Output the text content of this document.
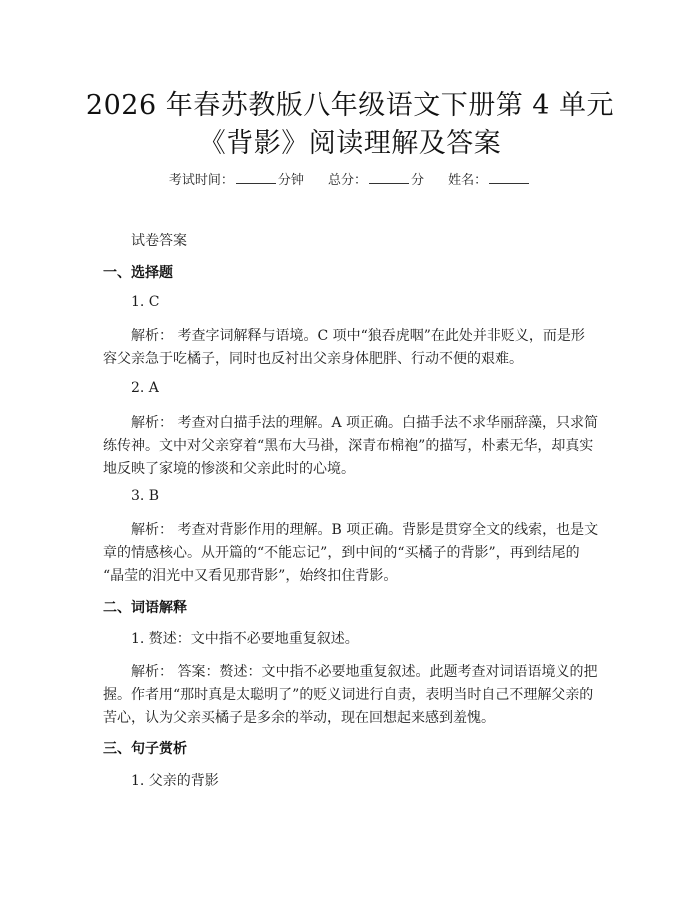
2026 年春苏教版八年级语文下册第 4 单元
《背影》阅读理解及答案
考试时间：	分钟 总分：	分 姓名：
试卷答案
一、选择题
1. C
解析： 考查字词解释与语境。C 项中“狼吞虎咽”在此处并非贬义，而是形
容父亲急于吃橘子，同时也反衬出父亲身体肥胖、行动不便的艰难。
2. A
解析： 考查对白描手法的理解。A 项正确。白描手法不求华丽辞藻，只求简
练传神。文中对父亲穿着“黑布大马褂，深青布棉袍”的描写，朴素无华，却真实
地反映了家境的惨淡和父亲此时的心境。
3. B
解析： 考查对背影作用的理解。B 项正确。背影是贯穿全文的线索，也是文
章的情感核心。从开篇的“不能忘记”，到中间的“买橘子的背影”，再到结尾的
“晶莹的泪光中又看见那背影”，始终扣住背影。
二、词语解释
1. 赘述：文中指不必要地重复叙述。
解析： 答案：赘述：文中指不必要地重复叙述。此题考查对词语语境义的把
握。作者用“那时真是太聪明了”的贬义词进行自责，表明当时自己不理解父亲的
苦心，认为父亲买橘子是多余的举动，现在回想起来感到羞愧。
三、句子赏析
1. 父亲的背影
